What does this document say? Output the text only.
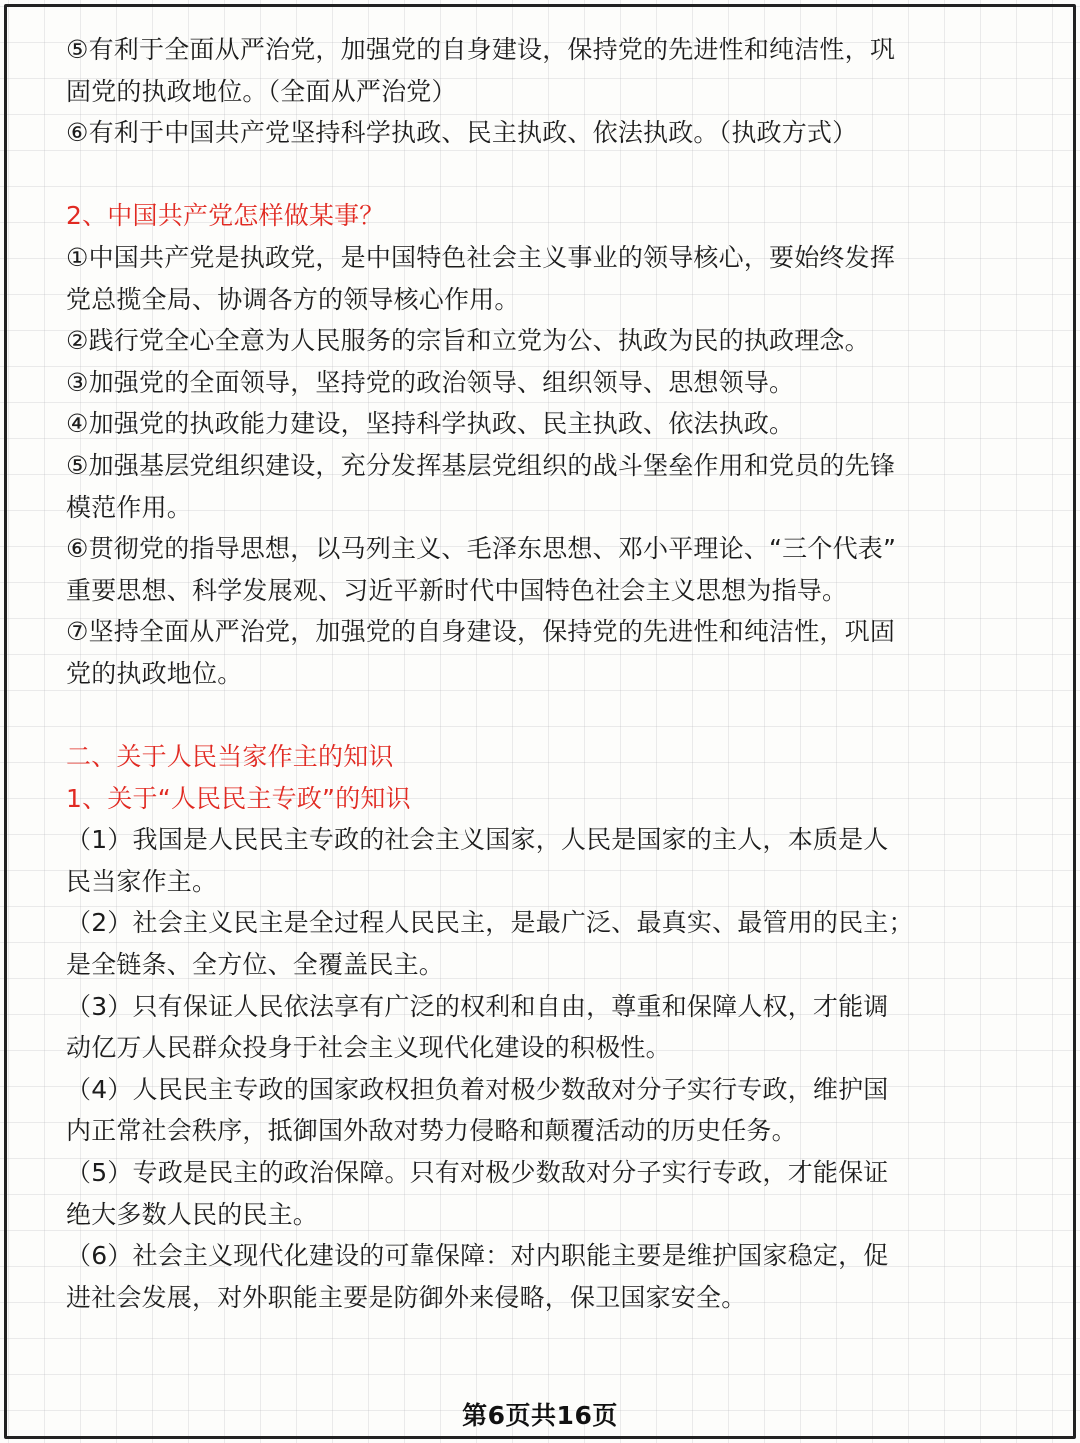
⑤有利于全面从严治党，加强党的自身建设，保持党的先进性和纯洁性，巩
固党的执政地位。（全面从严治党）
⑥有利于中国共产党坚持科学执政、民主执政、依法执政。（执政方式）
2、中国共产党怎样做某事？
①中国共产党是执政党，是中国特色社会主义事业的领导核心，要始终发挥
党总揽全局、协调各方的领导核心作用。
②践行党全心全意为人民服务的宗旨和立党为公、执政为民的执政理念。
③加强党的全面领导，坚持党的政治领导、组织领导、思想领导。
④加强党的执政能力建设，坚持科学执政、民主执政、依法执政。
⑤加强基层党组织建设，充分发挥基层党组织的战斗堡垒作用和党员的先锋
模范作用。
⑥贯彻党的指导思想，以马列主义、毛泽东思想、邓小平理论、“三个代表”
重要思想、科学发展观、习近平新时代中国特色社会主义思想为指导。
⑦坚持全面从严治党，加强党的自身建设，保持党的先进性和纯洁性，巩固
党的执政地位。
二、关于人民当家作主的知识
1、关于“人民民主专政”的知识
（1）我国是人民民主专政的社会主义国家，人民是国家的主人，本质是人
民当家作主。
（2）社会主义民主是全过程人民民主，是最广泛、最真实、最管用的民主；
是全链条、全方位、全覆盖民主。
（3）只有保证人民依法享有广泛的权利和自由，尊重和保障人权，才能调
动亿万人民群众投身于社会主义现代化建设的积极性。
（4）人民民主专政的国家政权担负着对极少数敌对分子实行专政，维护国
内正常社会秩序，抵御国外敌对势力侵略和颠覆活动的历史任务。
（5）专政是民主的政治保障。只有对极少数敌对分子实行专政，才能保证
绝大多数人民的民主。
（6）社会主义现代化建设的可靠保障：对内职能主要是维护国家稳定，促
进社会发展，对外职能主要是防御外来侵略，保卫国家安全。
第6页共16页
